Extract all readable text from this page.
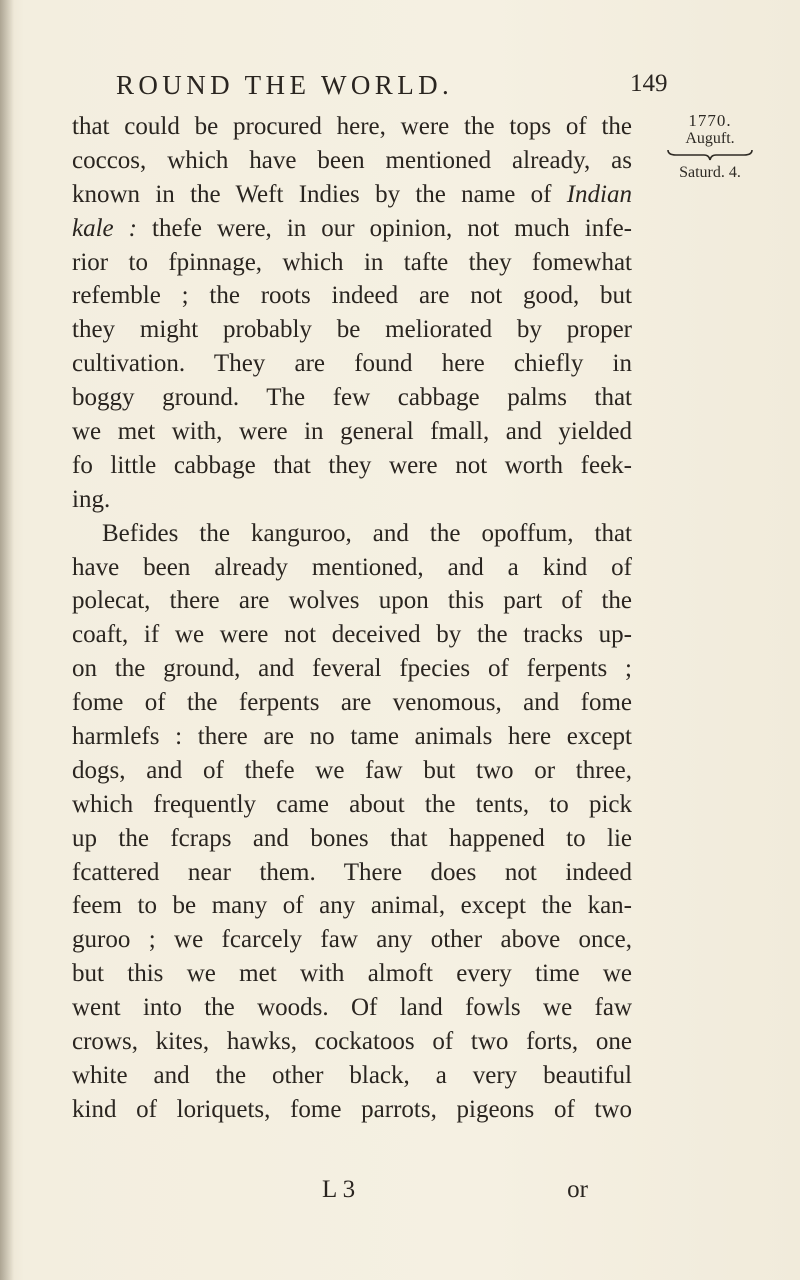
ROUND THE WORLD.	149
1770.
Auguft.
Saturd. 4.
that could be procured here, were the tops of the
coccos, which have been mentioned already, as
known in the Weft Indies by the name of Indian
kale : thefe were, in our opinion, not much infe-
rior to fpinnage, which in tafte they fomewhat
refemble ; the roots indeed are not good, but
they might probably be meliorated by proper
cultivation. They are found here chiefly in
boggy ground. The few cabbage palms that
we met with, were in general fmall, and yielded
fo little cabbage that they were not worth feek-
ing.
Befides the kanguroo, and the opoffum, that
have been already mentioned, and a kind of
polecat, there are wolves upon this part of the
coaft, if we were not deceived by the tracks up-
on the ground, and feveral fpecies of ferpents ;
fome of the ferpents are venomous, and fome
harmlefs : there are no tame animals here except
dogs, and of thefe we faw but two or three,
which frequently came about the tents, to pick
up the fcraps and bones that happened to lie
fcattered near them. There does not indeed
feem to be many of any animal, except the kan-
guroo ; we fcarcely faw any other above once,
but this we met with almoft every time we
went into the woods. Of land fowls we faw
crows, kites, hawks, cockatoos of two forts, one
white and the other black, a very beautiful
kind of loriquets, fome parrots, pigeons of two
L 3	or
